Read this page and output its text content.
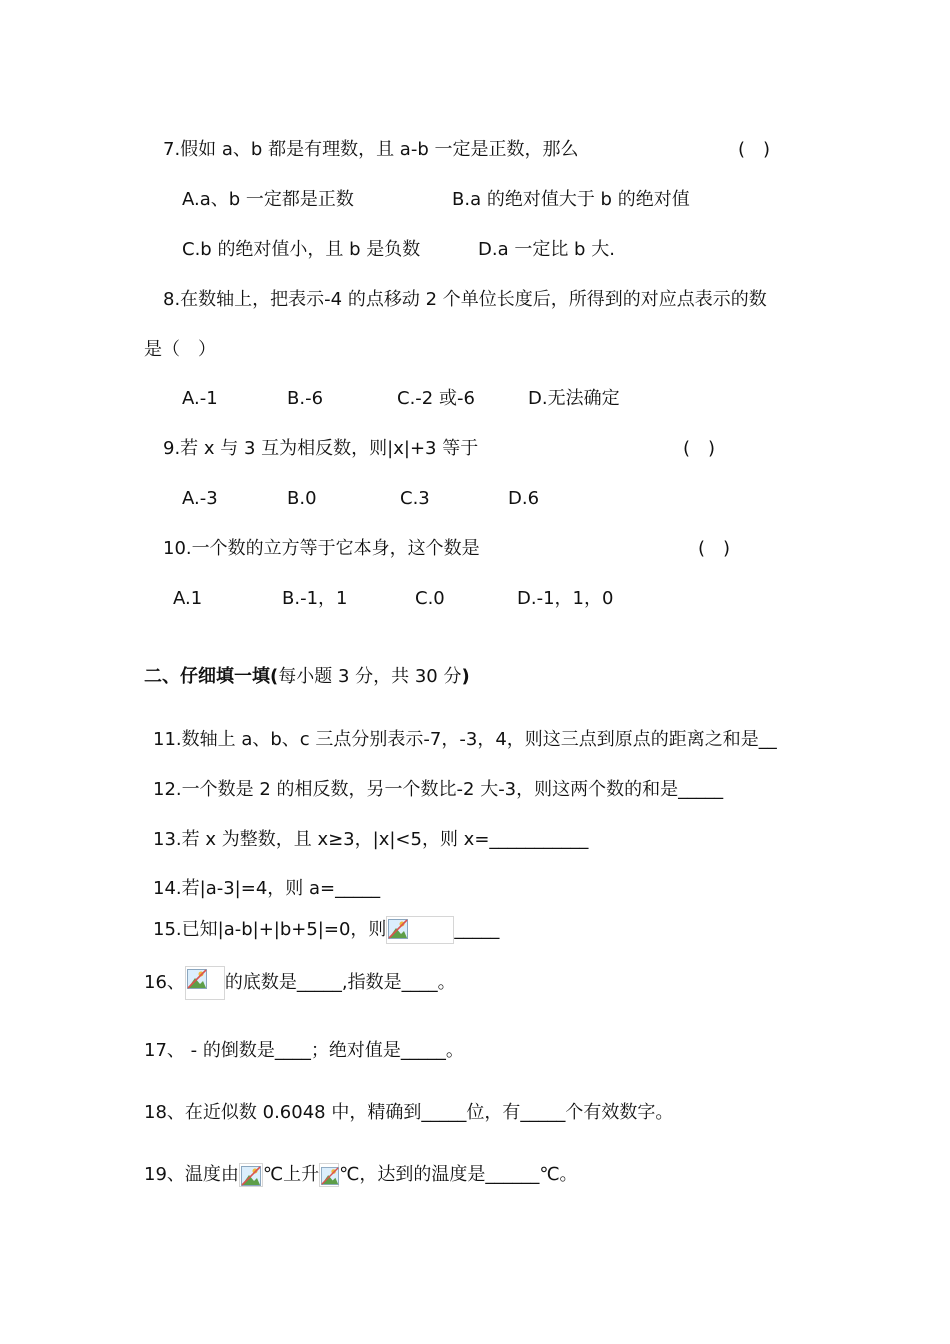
7.假如 a、b 都是有理数，且 a-b 一定是正数，那么	(　)
A.a、b 一定都是正数	B.a 的绝对值大于 b 的绝对值
C.b 的绝对值小，且 b 是负数	D.a 一定比 b 大.
8.在数轴上，把表示-4 的点移动 2 个单位长度后，所得到的对应点表示的数
是（　）
A.-1	B.-6	C.-2 或-6	D.无法确定
9.若 x 与 3 互为相反数，则|x|+3 等于	(　)
A.-3	B.0	C.3	D.6
10.一个数的立方等于它本身，这个数是	(　)
A.1	B.-1，1	C.0	D.-1，1，0
二、仔细填一填(每小题 3 分，共 30 分)
11.数轴上 a、b、c 三点分别表示-7，-3，4，则这三点到原点的距离之和是__
12.一个数是 2 的相反数，另一个数比-2 大-3，则这两个数的和是_____
13.若 x 为整数，且 x≥3，|x|<5，则 x=___________
14.若|a-3|=4，则 a=_____
15.已知|a-b|+|b+5|=0，则	_____
16、 的底数是_____,指数是____。
17、 - 的倒数是____；绝对值是_____。
18、在近似数 0.6048 中，精确到_____位，有_____个有效数字。
19、温度由 ℃上升 ℃，达到的温度是______℃。
